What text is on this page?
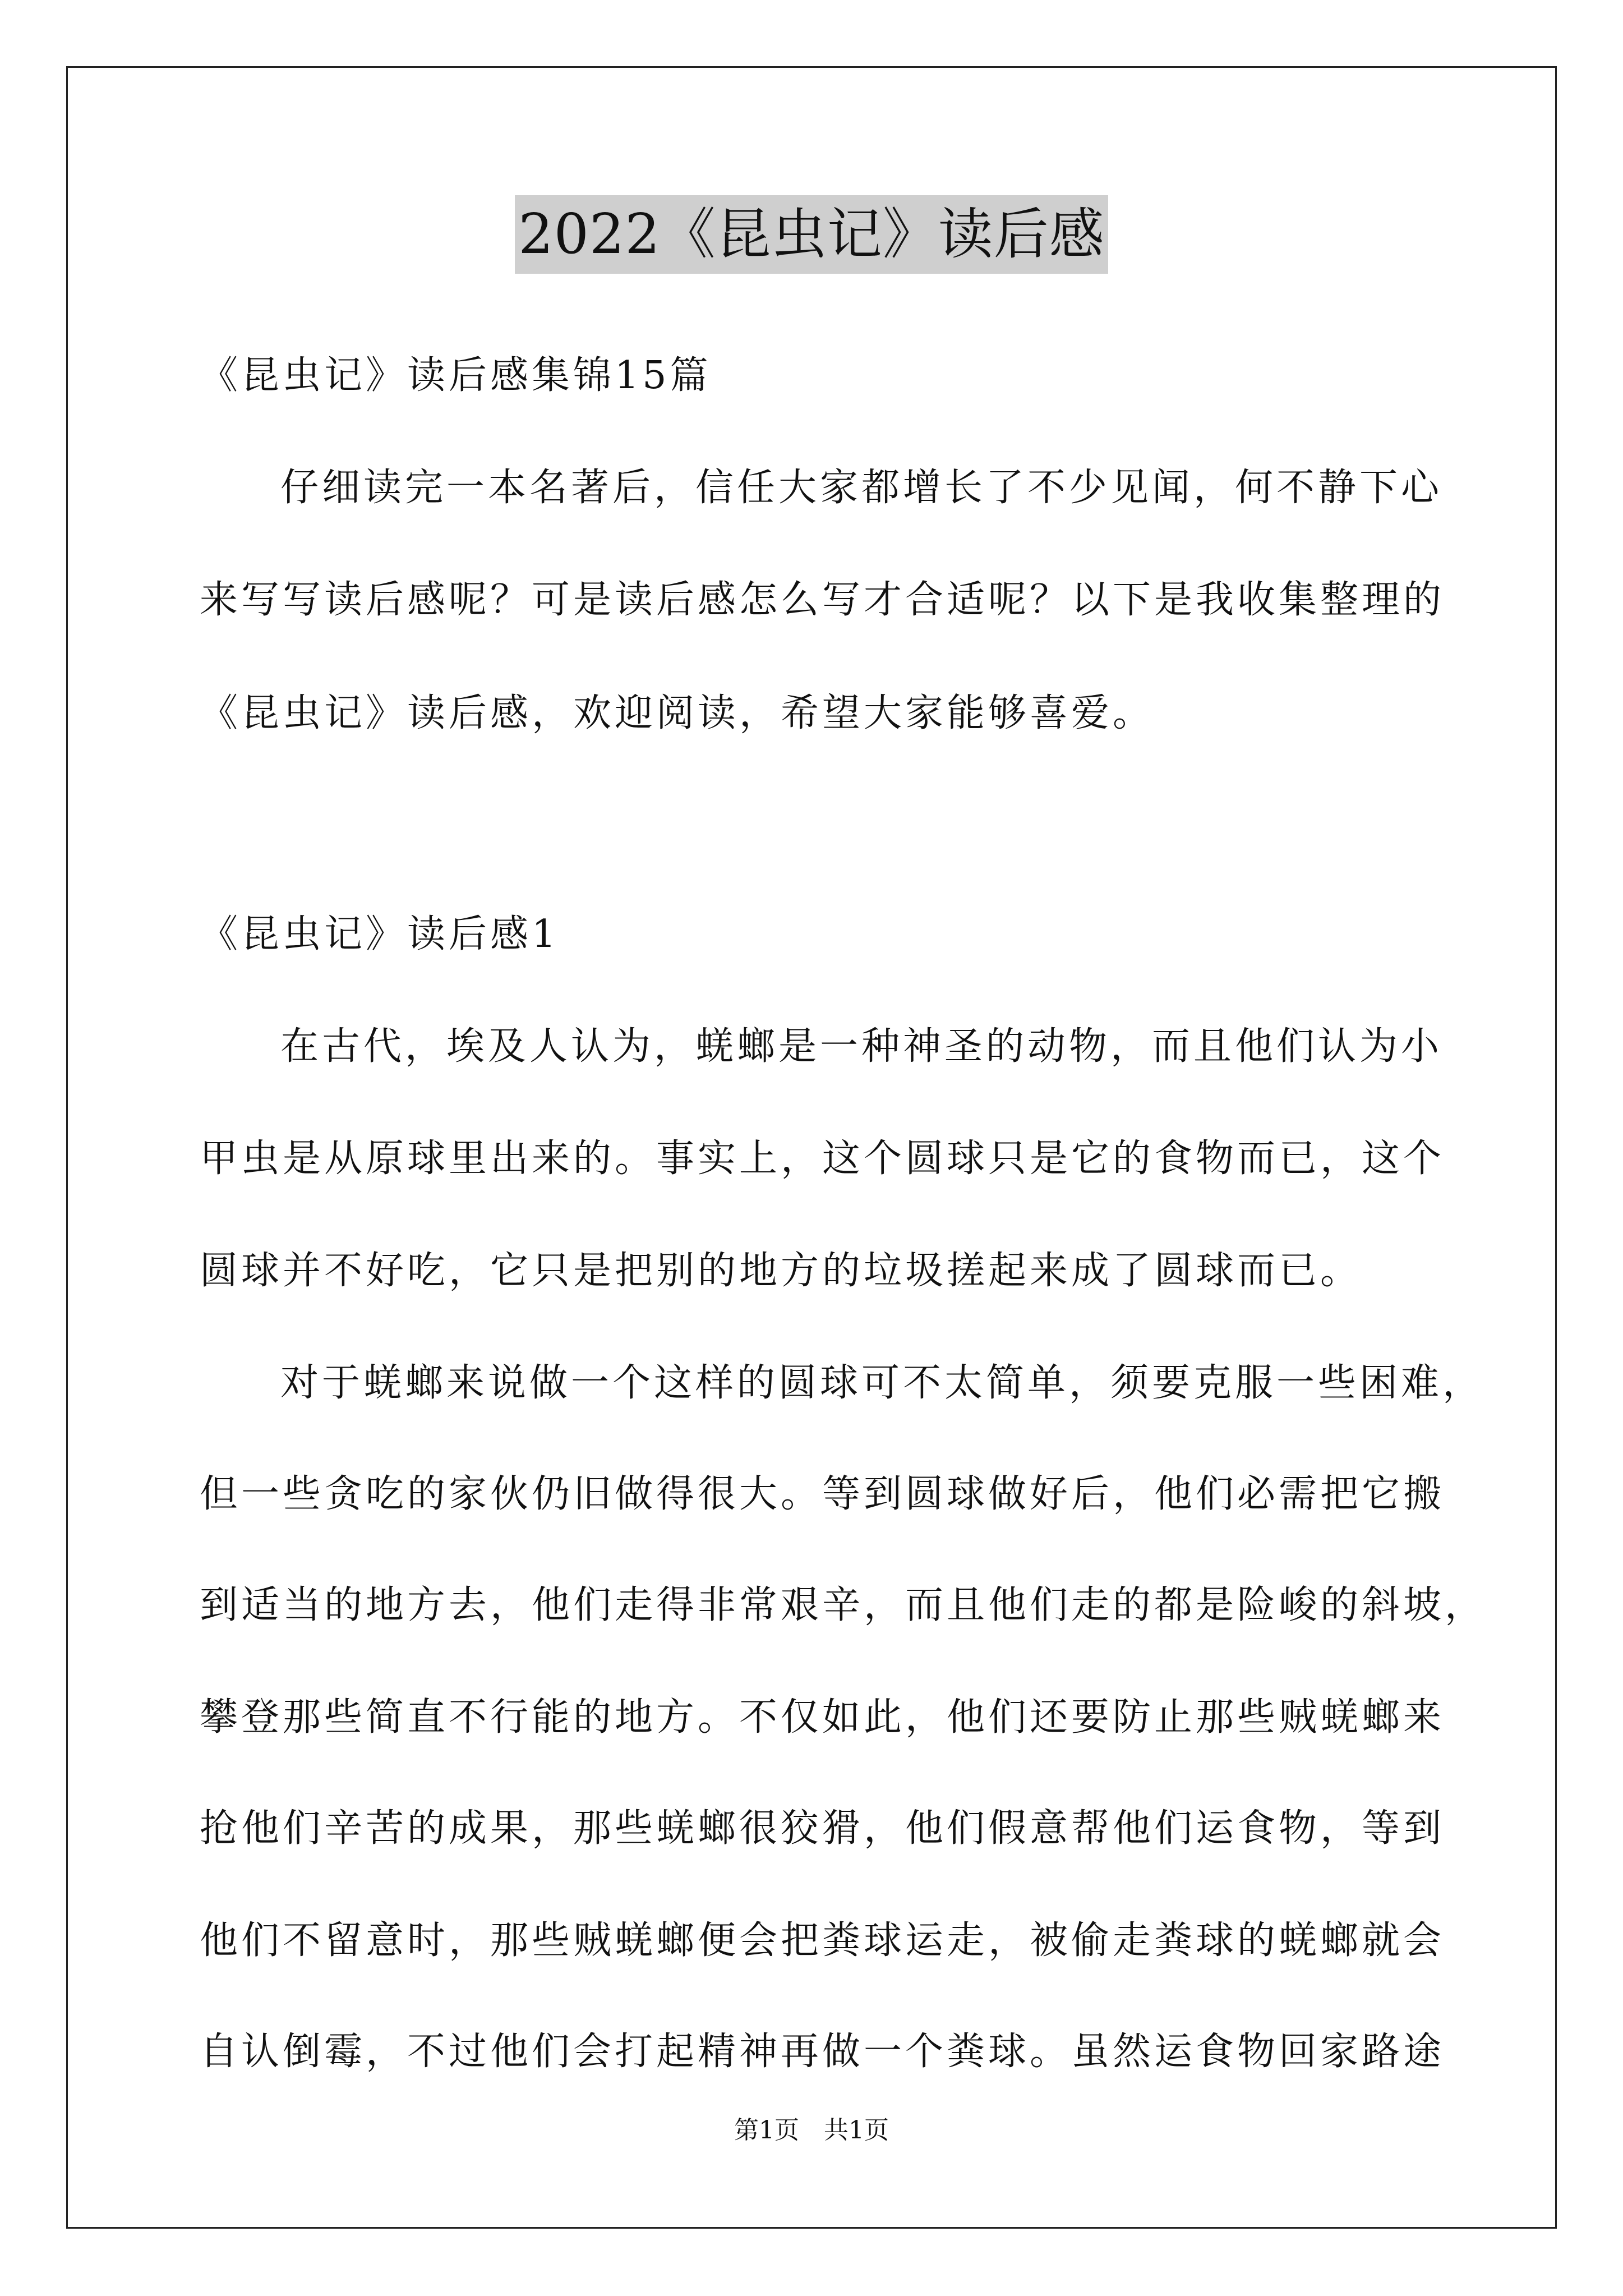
2022《昆虫记》读后感
《昆虫记》读后感集锦15篇
仔细读完一本名著后，信任大家都增长了不少见闻，何不静下心
来写写读后感呢？可是读后感怎么写才合适呢？以下是我收集整理的
《昆虫记》读后感，欢迎阅读，希望大家能够喜爱。
《昆虫记》读后感1
在古代，埃及人认为，蜣螂是一种神圣的动物，而且他们认为小
甲虫是从原球里出来的。事实上，这个圆球只是它的食物而已，这个
圆球并不好吃，它只是把别的地方的垃圾搓起来成了圆球而已。
对于蜣螂来说做一个这样的圆球可不太简单，须要克服一些困难，
但一些贪吃的家伙仍旧做得很大。等到圆球做好后，他们必需把它搬
到适当的地方去，他们走得非常艰辛，而且他们走的都是险峻的斜坡，
攀登那些简直不行能的地方。不仅如此，他们还要防止那些贼蜣螂来
抢他们辛苦的成果，那些蜣螂很狡猾，他们假意帮他们运食物，等到
他们不留意时，那些贼蜣螂便会把粪球运走，被偷走粪球的蜣螂就会
自认倒霉，不过他们会打起精神再做一个粪球。虽然运食物回家路途
第1页　共1页
